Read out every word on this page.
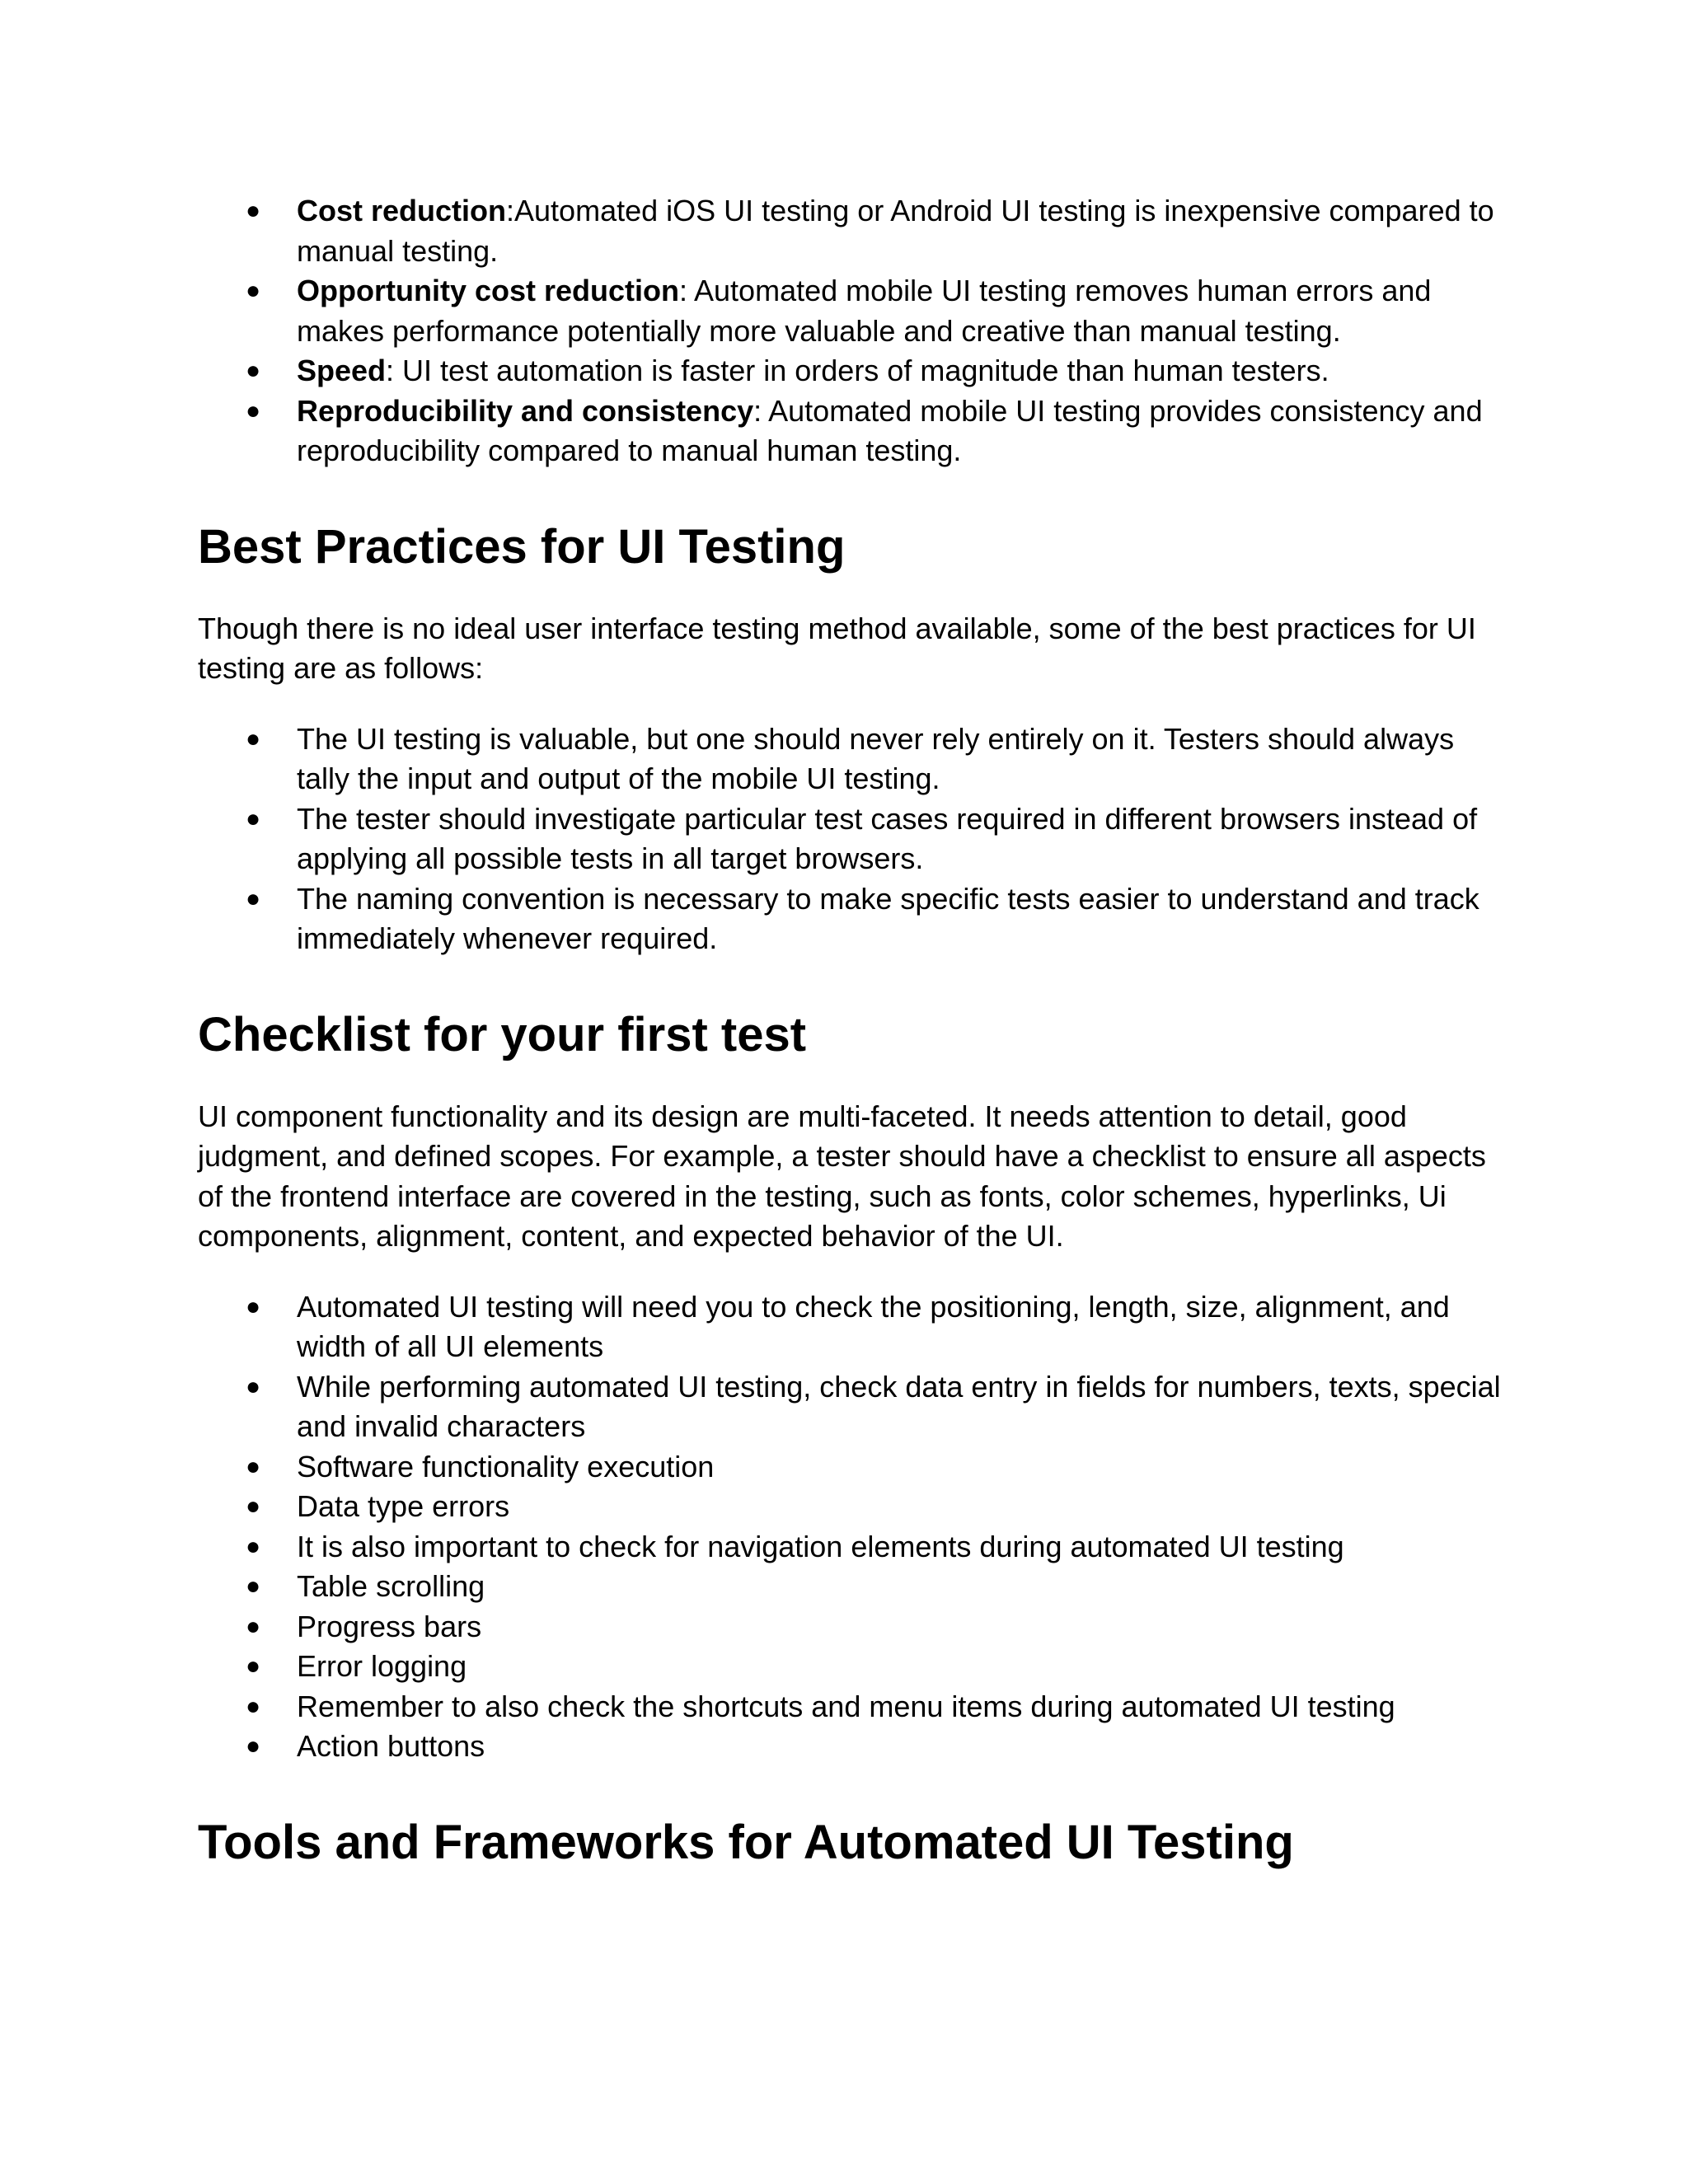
● Cost reduction:Automated iOS UI testing or Android UI testing is inexpensive compared to manual testing.
● Opportunity cost reduction: Automated mobile UI testing removes human errors and makes performance potentially more valuable and creative than manual testing.
● Speed: UI test automation is faster in orders of magnitude than human testers.
● Reproducibility and consistency: Automated mobile UI testing provides consistency and reproducibility compared to manual human testing.
Best Practices for UI Testing

Though there is no ideal user interface testing method available, some of the best practices for UI testing are as follows:

● The UI testing is valuable, but one should never rely entirely on it. Testers should always tally the input and output of the mobile UI testing.
● The tester should investigate particular test cases required in different browsers instead of applying all possible tests in all target browsers.
● The naming convention is necessary to make specific tests easier to understand and track immediately whenever required.
Checklist for your first test

UI component functionality and its design are multi-faceted. It needs attention to detail, good judgment, and defined scopes. For example, a tester should have a checklist to ensure all aspects of the frontend interface are covered in the testing, such as fonts, color schemes, hyperlinks, Ui components, alignment, content, and expected behavior of the UI.

● Automated UI testing will need you to check the positioning, length, size, alignment, and width of all UI elements
● While performing automated UI testing, check data entry in fields for numbers, texts, special and invalid characters
● Software functionality execution
● Data type errors
● It is also important to check for navigation elements during automated UI testing
● Table scrolling
● Progress bars
● Error logging
● Remember to also check the shortcuts and menu items during automated UI testing
● Action buttons
Tools and Frameworks for Automated UI Testing
